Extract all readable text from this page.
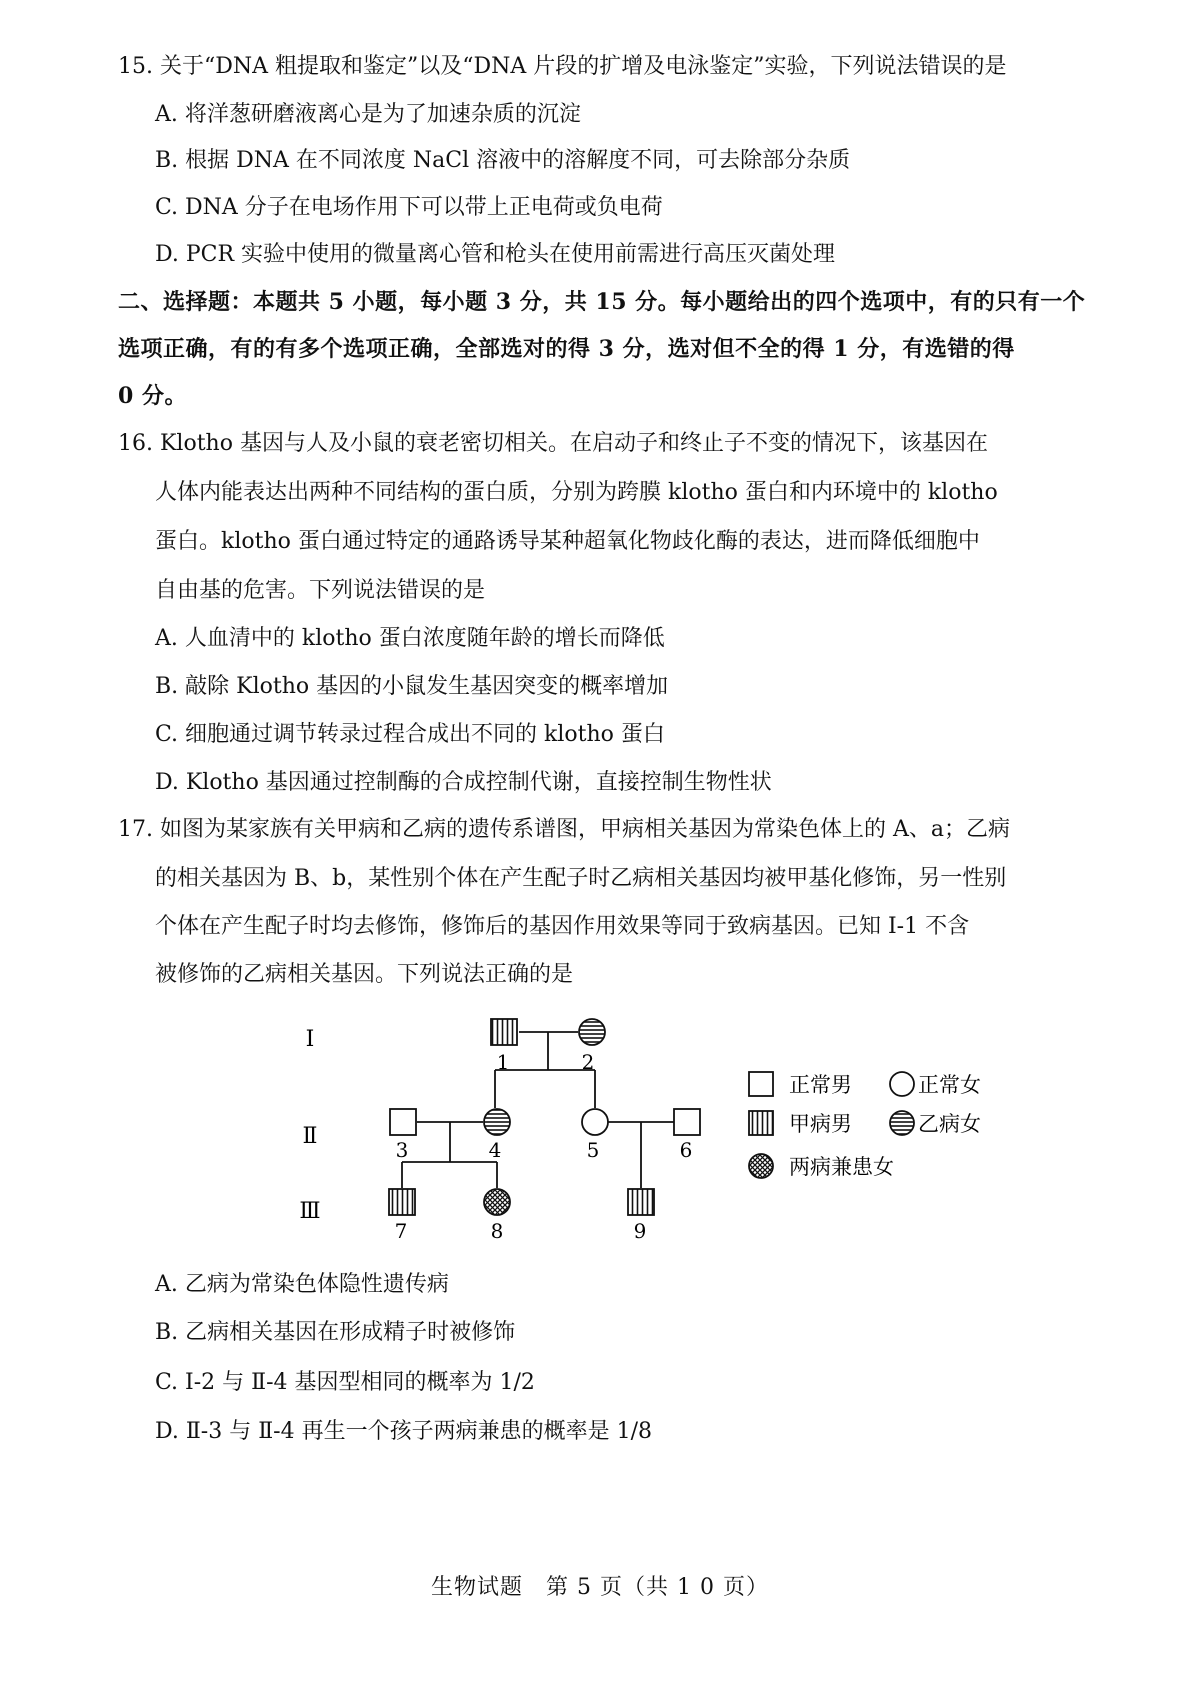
15. 关于“DNA 粗提取和鉴定”以及“DNA 片段的扩增及电泳鉴定”实验，下列说法错误的是
A. 将洋葱研磨液离心是为了加速杂质的沉淀
B. 根据 DNA 在不同浓度 NaCl 溶液中的溶解度不同，可去除部分杂质
C. DNA 分子在电场作用下可以带上正电荷或负电荷
D. PCR 实验中使用的微量离心管和枪头在使用前需进行高压灭菌处理
二、选择题：本题共 5 小题，每小题 3 分，共 15 分。每小题给出的四个选项中，有的只有一个
选项正确，有的有多个选项正确，全部选对的得 3 分，选对但不全的得 1 分，有选错的得
0 分。
16. Klotho 基因与人及小鼠的衰老密切相关。在启动子和终止子不变的情况下，该基因在
人体内能表达出两种不同结构的蛋白质，分别为跨膜 klotho 蛋白和内环境中的 klotho
蛋白。klotho 蛋白通过特定的通路诱导某种超氧化物歧化酶的表达，进而降低细胞中
自由基的危害。下列说法错误的是
A. 人血清中的 klotho 蛋白浓度随年龄的增长而降低
B. 敲除 Klotho 基因的小鼠发生基因突变的概率增加
C. 细胞通过调节转录过程合成出不同的 klotho 蛋白
D. Klotho 基因通过控制酶的合成控制代谢，直接控制生物性状
17. 如图为某家族有关甲病和乙病的遗传系谱图，甲病相关基因为常染色体上的 A、a；乙病
的相关基因为 B、b，某性别个体在产生配子时乙病相关基因均被甲基化修饰，另一性别
个体在产生配子时均去修饰，修饰后的基因作用效果等同于致病基因。已知 Ⅰ-1 不含
被修饰的乙病相关基因。下列说法正确的是
Ⅰ
Ⅱ
Ⅲ
1	2
3	4	5	6
7	8	9
正常男	正常女
甲病男	乙病女
两病兼患女
A. 乙病为常染色体隐性遗传病
B. 乙病相关基因在形成精子时被修饰
C. Ⅰ-2 与 Ⅱ-4 基因型相同的概率为 1/2
D. Ⅱ-3 与 Ⅱ-4 再生一个孩子两病兼患的概率是 1/8
生物试题　第 5 页（共 1 0 页）
